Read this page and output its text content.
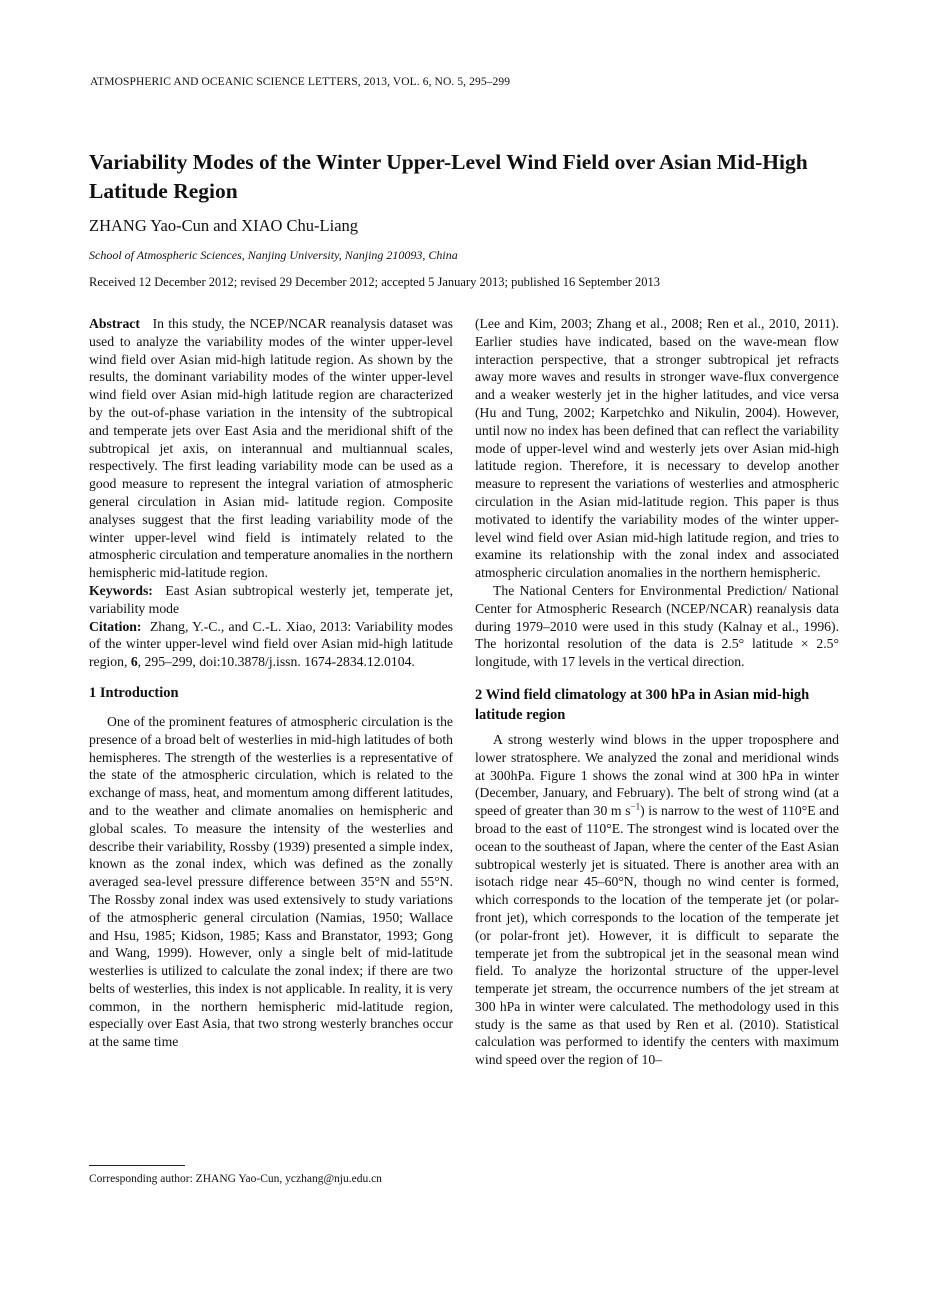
ATMOSPHERIC AND OCEANIC SCIENCE LETTERS, 2013, VOL. 6, NO. 5, 295–299
Variability Modes of the Winter Upper-Level Wind Field over Asian Mid-High Latitude Region
ZHANG Yao-Cun and XIAO Chu-Liang
School of Atmospheric Sciences, Nanjing University, Nanjing 210093, China
Received 12 December 2012; revised 29 December 2012; accepted 5 January 2013; published 16 September 2013

Abstract In this study, the NCEP/NCAR reanalysis dataset was used to analyze the variability modes of the winter upper-level wind field over Asian mid-high latitude region. As shown by the results, the dominant variability modes of the winter upper-level wind field over Asian mid-high latitude region are characterized by the out-of-phase variation in the intensity of the subtropical and temperate jets over East Asia and the meridional shift of the subtropical jet axis, on interannual and multiannual scales, respectively. The first leading variability mode can be used as a good measure to represent the integral variation of atmospheric general circulation in Asian mid- latitude region. Composite analyses suggest that the first leading variability mode of the winter upper-level wind field is intimately related to the atmospheric circulation and temperature anomalies in the northern hemispheric mid-latitude region.

Keywords: East Asian subtropical westerly jet, temperate jet, variability mode

Citation: Zhang, Y.-C., and C.-L. Xiao, 2013: Variability modes of the winter upper-level wind field over Asian mid-high latitude region, 6, 295–299, doi:10.3878/j.issn. 1674-2834.12.0104.

1 Introduction

One of the prominent features of atmospheric circulation is the presence of a broad belt of westerlies in mid-high latitudes of both hemispheres. The strength of the westerlies is a representative of the state of the atmospheric circulation, which is related to the exchange of mass, heat, and momentum among different latitudes, and to the weather and climate anomalies on hemispheric and global scales. To measure the intensity of the westerlies and describe their variability, Rossby (1939) presented a simple index, known as the zonal index, which was defined as the zonally averaged sea-level pressure difference between 35°N and 55°N. The Rossby zonal index was used extensively to study variations of the atmospheric general circulation (Namias, 1950; Wallace and Hsu, 1985; Kidson, 1985; Kass and Branstator, 1993; Gong and Wang, 1999). However, only a single belt of mid-latitude westerlies is utilized to calculate the zonal index; if there are two belts of westerlies, this index is not applicable. In reality, it is very common, in the northern hemispheric mid-latitude region, especially over East Asia, that two strong westerly branches occur at the same time

(Lee and Kim, 2003; Zhang et al., 2008; Ren et al., 2010, 2011). Earlier studies have indicated, based on the wave-mean flow interaction perspective, that a stronger subtropical jet refracts away more waves and results in stronger wave-flux convergence and a weaker westerly jet in the higher latitudes, and vice versa (Hu and Tung, 2002; Karpetchko and Nikulin, 2004). However, until now no index has been defined that can reflect the variability mode of upper-level wind and westerly jets over Asian mid-high latitude region. Therefore, it is necessary to develop another measure to represent the variations of westerlies and atmospheric circulation in the Asian mid-latitude region. This paper is thus motivated to identify the variability modes of the winter upper-level wind field over Asian mid-high latitude region, and tries to examine its relationship with the zonal index and associated atmospheric circulation anomalies in the northern hemispheric.

The National Centers for Environmental Prediction/ National Center for Atmospheric Research (NCEP/NCAR) reanalysis data during 1979–2010 were used in this study (Kalnay et al., 1996). The horizontal resolution of the data is 2.5° latitude × 2.5° longitude, with 17 levels in the vertical direction.

2 Wind field climatology at 300 hPa in Asian mid-high latitude region

A strong westerly wind blows in the upper troposphere and lower stratosphere. We analyzed the zonal and meridional winds at 300hPa. Figure 1 shows the zonal wind at 300 hPa in winter (December, January, and February). The belt of strong wind (at a speed of greater than 30 m $s^{-1}$) is narrow to the west of 110°E and broad to the east of 110°E. The strongest wind is located over the ocean to the southeast of Japan, where the center of the East Asian subtropical westerly jet is situated. There is another area with an isotach ridge near 45–60°N, though no wind center is formed, which corresponds to the location of the temperate jet (or polar-front jet), which corresponds to the location of the temperate jet (or polar-front jet). However, it is difficult to separate the temperate jet from the subtropical jet in the seasonal mean wind field. To analyze the horizontal structure of the upper-level temperate jet stream, the occurrence numbers of the jet stream at 300 hPa in winter were calculated. The methodology used in this study is the same as that used by Ren et al. (2010). Statistical calculation was performed to identify the centers with maximum wind speed over the region of 10–

Corresponding author: ZHANG Yao-Cun, yczhang@nju.edu.cn
